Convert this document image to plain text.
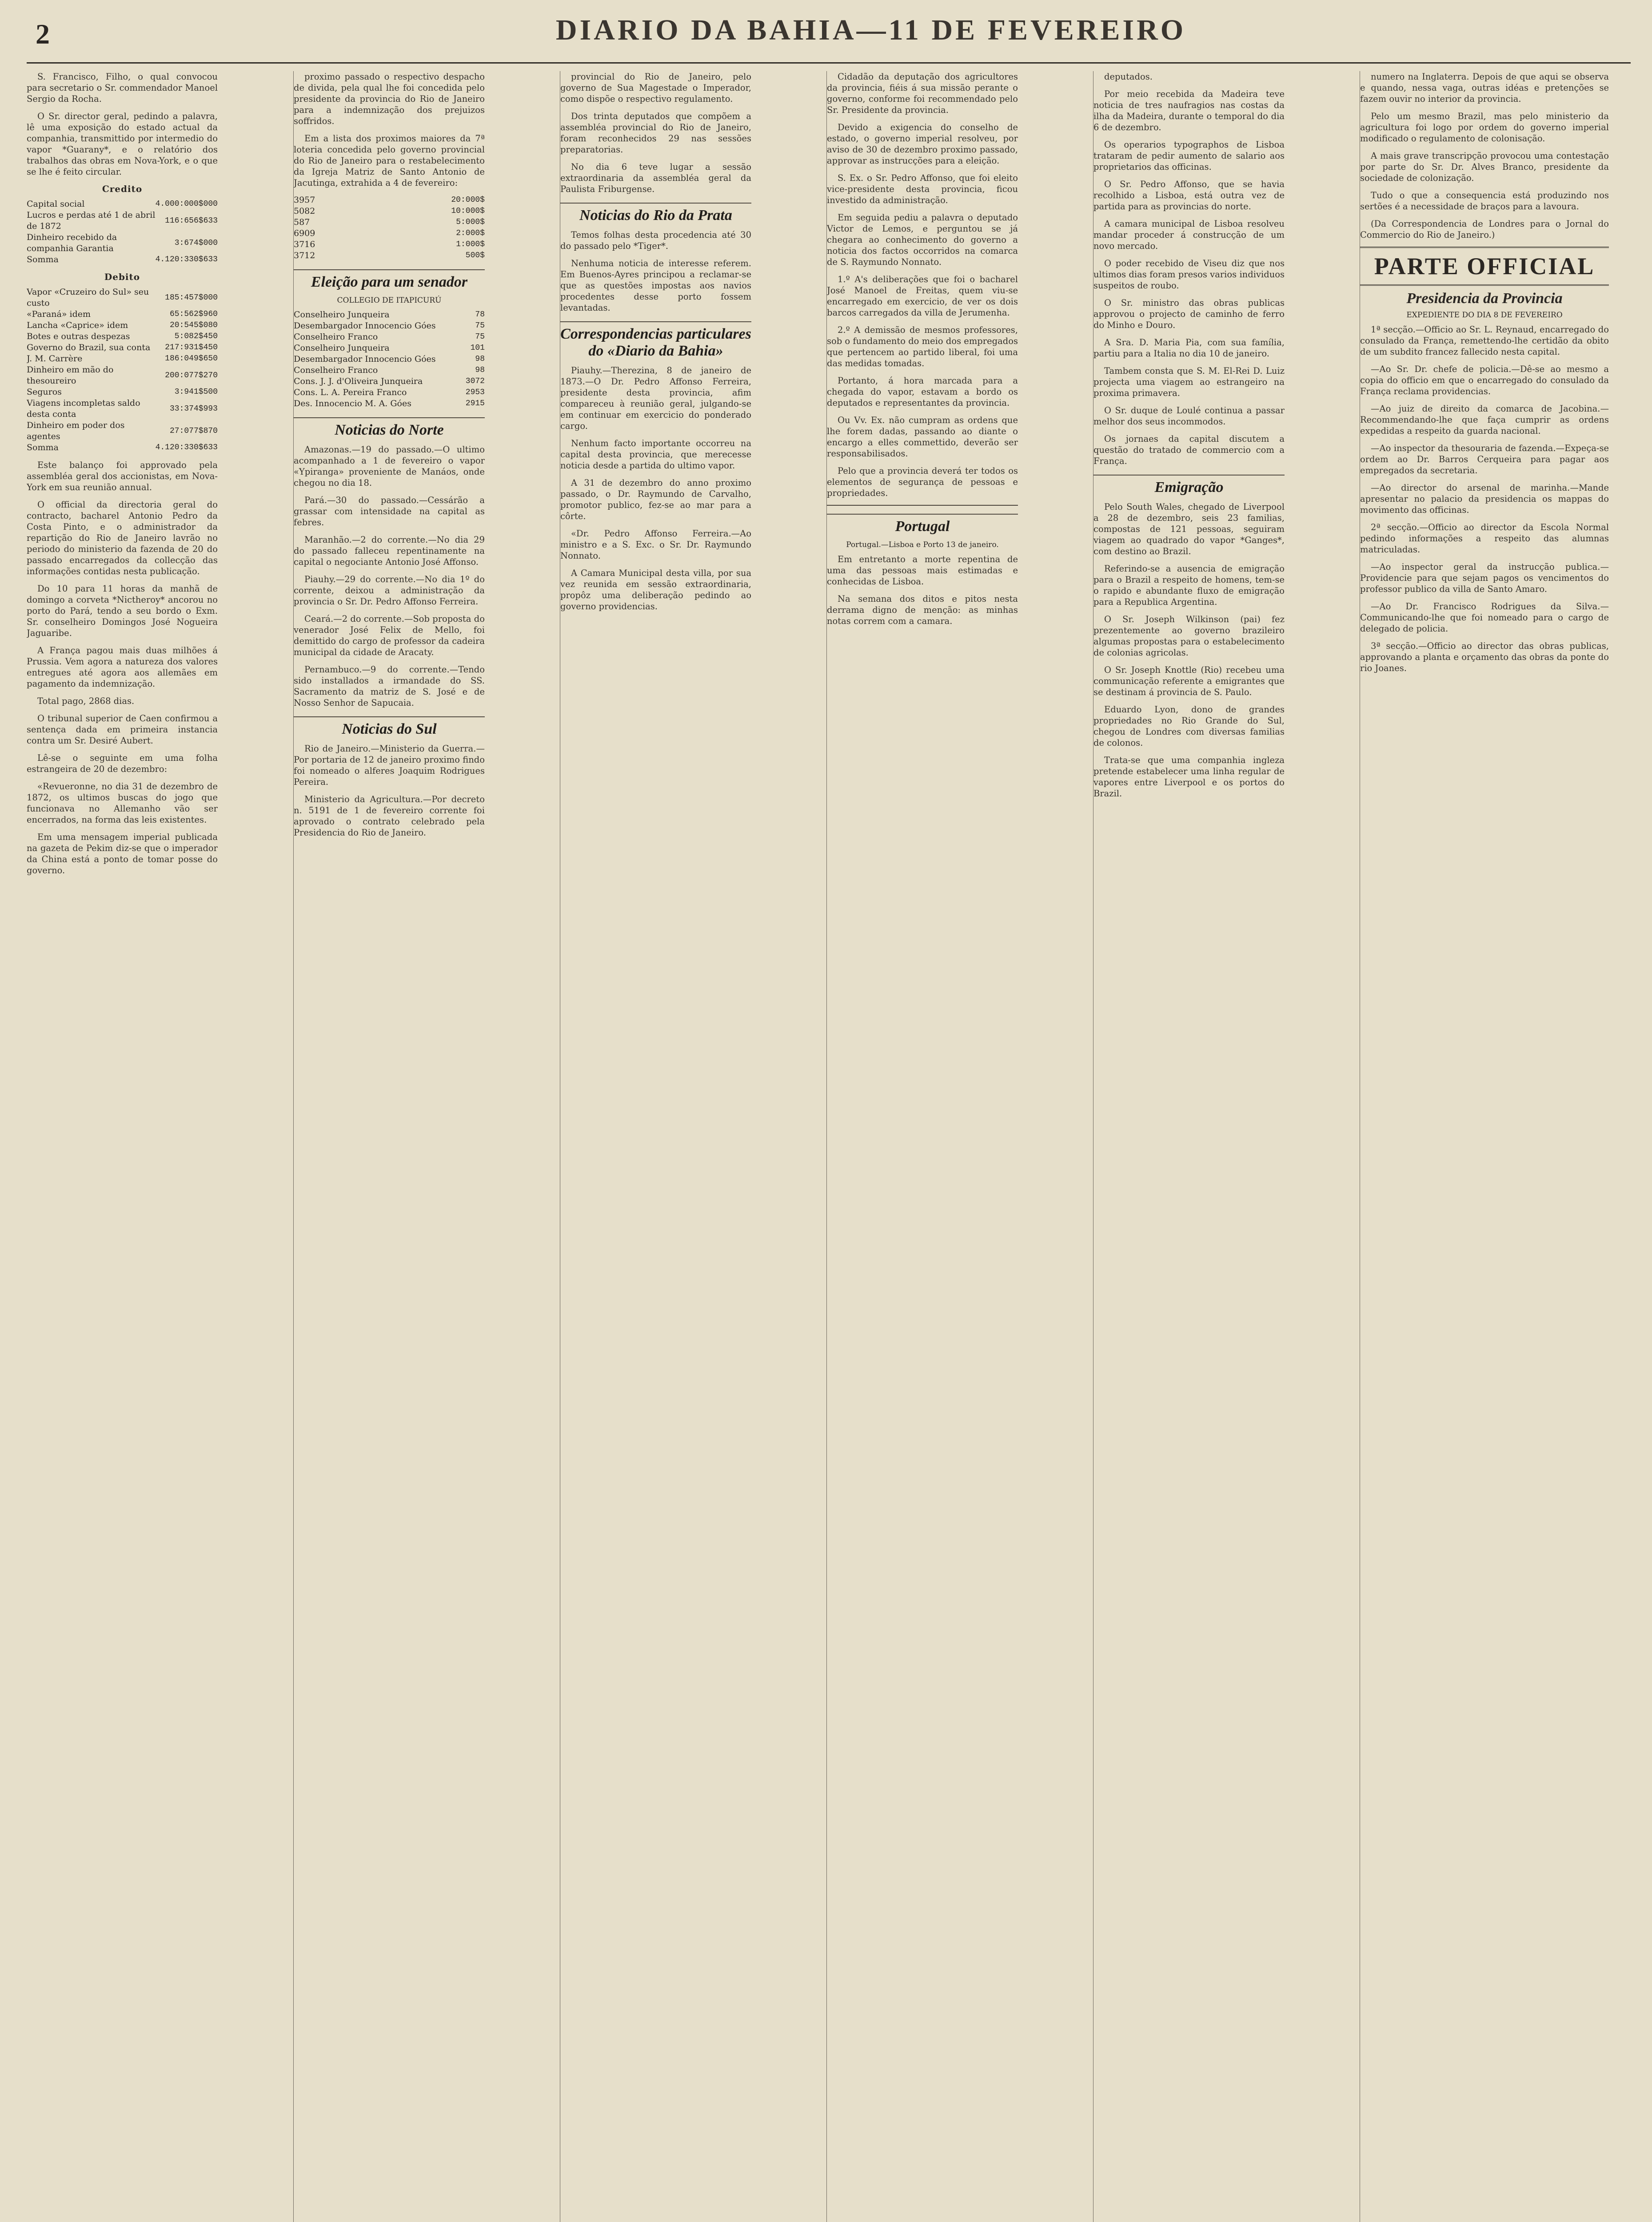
2	DIARIO DA BAHIA—11 DE FEVEREIRO

S. Francisco, Filho, o qual convocou para secretario o Sr. commendador Manoel Sergio da Rocha.

O Sr. director geral, pedindo a palavra, lê uma exposição do estado actual da companhia, transmittido por intermedio do vapor *Guarany*, e o relatório dos trabalhos das obras em Nova-York, e o que se lhe é feito circular.

Credito
Capital social	4.000:000$000
Lucros e perdas até 1 de abril de 1872	116:656$633
Dinheiro recebido da companhia Garantia	3:674$000
Somma	4.120:330$633
Debito
Vapor «Cruzeiro do Sul» seu custo	185:457$000
«Paraná» idem	65:562$960
Lancha «Caprice» idem	20:545$080
Botes e outras despezas	5:082$450
Governo do Brazil, sua conta	217:931$450
J. M. Carrère	186:049$650
Dinheiro em mão do thesoureiro	200:077$270
Seguros	3:941$500
Viagens incompletas saldo desta conta	33:374$993
Dinheiro em poder dos agentes	27:077$870
Somma	4.120:330$633

Este balanço foi approvado pela assembléa geral dos accionistas, em Nova-York em sua reunião annual.

O official da directoria geral do contracto, bacharel Antonio Pedro da Costa Pinto, e o administrador da repartição do Rio de Janeiro lavrão no periodo do ministerio da fazenda de 20 do passado encarregados da collecção das informações contidas nesta publicação.

Do 10 para 11 horas da manhã de domingo a corveta *Nictheroy* ancorou no porto do Pará, tendo a seu bordo o Exm. Sr. conselheiro Domingos José Nogueira Jaguaribe.

A França pagou mais duas milhões á Prussia. Vem agora a natureza dos valores entregues até agora aos allemães em pagamento da indemnização.

Total pago, 2868 dias.

O tribunal superior de Caen confirmou a sentença dada em primeira instancia contra um Sr. Desiré Aubert.

Lê-se o seguinte em uma folha estrangeira de 20 de dezembro:

«Revueronne, no dia 31 de dezembro de 1872, os ultimos buscas do jogo que funcionava no Allemanho vão ser encerrados, na forma das leis existentes.

Em uma mensagem imperial publicada na gazeta de Pekim diz-se que o imperador da China está a ponto de tomar posse do governo.

proximo passado o respectivo despacho de divida, pela qual lhe foi concedida pelo presidente da provincia do Rio de Janeiro para a indemnização dos prejuizos soffridos.

Em a lista dos proximos maiores da 7ª loteria concedida pelo governo provincial do Rio de Janeiro para o restabelecimento da Igreja Matriz de Santo Antonio de Jacutinga, extrahida a 4 de fevereiro:

3957	20:000$
5082	10:000$
587	5:000$
6909	2:000$
3716	1:000$
3712	500$
Eleição para um senador
COLLEGIO DE ITAPICURÚ
Conselheiro Junqueira	78
Desembargador Innocencio Góes	75
Conselheiro Franco	75
Conselheiro Junqueira	101
Desembargador Innocencio Góes	98
Conselheiro Franco	98
Cons. J. J. d'Oliveira Junqueira	3072
Cons. L. A. Pereira Franco	2953
Des. Innocencio M. A. Góes	2915
Noticias do Norte

Amazonas.—19 do passado.—O ultimo acompanhado a 1 de fevereiro o vapor «Ypiranga» proveniente de Manáos, onde chegou no dia 18.

Pará.—30 do passado.—Cessárão a grassar com intensidade na capital as febres.

Maranhão.—2 do corrente.—No dia 29 do passado falleceu repentinamente na capital o negociante Antonio José Affonso.

Piauhy.—29 do corrente.—No dia 1º do corrente, deixou a administração da provincia o Sr. Dr. Pedro Affonso Ferreira.

Ceará.—2 do corrente.—Sob proposta do venerador José Felix de Mello, foi demittido do cargo de professor da cadeira municipal da cidade de Aracaty.

Pernambuco.—9 do corrente.—Tendo sido installados a irmandade do SS. Sacramento da matriz de S. José e de Nosso Senhor de Sapucaia.

Noticias do Sul

Rio de Janeiro.—Ministerio da Guerra.—Por portaria de 12 de janeiro proximo findo foi nomeado o alferes Joaquim Rodrigues Pereira.

Ministerio da Agricultura.—Por decreto n. 5191 de 1 de fevereiro corrente foi aprovado o contrato celebrado pela Presidencia do Rio de Janeiro.

provincial do Rio de Janeiro, pelo governo de Sua Magestade o Imperador, como dispõe o respectivo regulamento.

Dos trinta deputados que compõem a assembléa provincial do Rio de Janeiro, foram reconhecidos 29 nas sessões preparatorias.

No dia 6 teve lugar a sessão extraordinaria da assembléa geral da Paulista Friburgense.

Noticias do Rio da Prata

Temos folhas desta procedencia até 30 do passado pelo *Tiger*.

Nenhuma noticia de interesse referem. Em Buenos-Ayres principou a reclamar-se que as questões impostas aos navios procedentes desse porto fossem levantadas.

Correspondencias particulares do «Diario da Bahia»

Piauhy.—Therezina, 8 de janeiro de 1873.—O Dr. Pedro Affonso Ferreira, presidente desta provincia, afim compareceu à reunião geral, julgando-se em continuar em exercicio do ponderado cargo.

Nenhum facto importante occorreu na capital desta provincia, que merecesse noticia desde a partida do ultimo vapor.

A 31 de dezembro do anno proximo passado, o Dr. Raymundo de Carvalho, promotor publico, fez-se ao mar para a côrte.

«Dr. Pedro Affonso Ferreira.—Ao ministro e a S. Exc. o Sr. Dr. Raymundo Nonnato.

A Camara Municipal desta villa, por sua vez reunida em sessão extraordinaria, propôz uma deliberação pedindo ao governo providencias.

Cidadão da deputação dos agricultores da provincia, fiéis á sua missão perante o governo, conforme foi recommendado pelo Sr. Presidente da provincia.

Devido a exigencia do conselho de estado, o governo imperial resolveu, por aviso de 30 de dezembro proximo passado, approvar as instrucções para a eleição.

S. Ex. o Sr. Pedro Affonso, que foi eleito vice-presidente desta provincia, ficou investido da administração.

Em seguida pediu a palavra o deputado Victor de Lemos, e perguntou se já chegara ao conhecimento do governo a noticia dos factos occorridos na comarca de S. Raymundo Nonnato.

1.º A's deliberações que foi o bacharel José Manoel de Freitas, quem viu-se encarregado em exercicio, de ver os dois barcos carregados da villa de Jerumenha.

2.º A demissão de mesmos professores, sob o fundamento do meio dos empregados que pertencem ao partido liberal, foi uma das medidas tomadas.

Portanto, á hora marcada para a chegada do vapor, estavam a bordo os deputados e representantes da provincia.

Ou Vv. Ex. não cumpram as ordens que lhe forem dadas, passando ao diante o encargo a elles commettido, deverão ser responsabilisados.

Pelo que a provincia deverá ter todos os elementos de segurança de pessoas e propriedades.

Portugal
Portugal.—Lisboa e Porto 13 de janeiro.

Em entretanto a morte repentina de uma das pessoas mais estimadas e conhecidas de Lisboa.

Na semana dos ditos e pitos nesta derrama digno de menção: as minhas notas correm com a camara.

deputados.

Por meio recebida da Madeira teve noticia de tres naufragios nas costas da ilha da Madeira, durante o temporal do dia 6 de dezembro.

Os operarios typographos de Lisboa trataram de pedir aumento de salario aos proprietarios das officinas.

O Sr. Pedro Affonso, que se havia recolhido a Lisboa, está outra vez de partida para as provincias do norte.

A camara municipal de Lisboa resolveu mandar proceder á construcção de um novo mercado.

O poder recebido de Viseu diz que nos ultimos dias foram presos varios individuos suspeitos de roubo.

O Sr. ministro das obras publicas approvou o projecto de caminho de ferro do Minho e Douro.

A Sra. D. Maria Pia, com sua família, partiu para a Italia no dia 10 de janeiro.

Tambem consta que S. M. El-Rei D. Luiz projecta uma viagem ao estrangeiro na proxima primavera.

O Sr. duque de Loulé continua a passar melhor dos seus incommodos.

Os jornaes da capital discutem a questão do tratado de commercio com a França.

Emigração

Pelo South Wales, chegado de Liverpool a 28 de dezembro, seis 23 familias, compostas de 121 pessoas, seguiram viagem ao quadrado do vapor *Ganges*, com destino ao Brazil.

Referindo-se a ausencia de emigração para o Brazil a respeito de homens, tem-se o rapido e abundante fluxo de emigração para a Republica Argentina.

O Sr. Joseph Wilkinson (pai) fez prezentemente ao governo brazileiro algumas propostas para o estabelecimento de colonias agricolas.

O Sr. Joseph Knottle (Rio) recebeu uma communicação referente a emigrantes que se destinam á provincia de S. Paulo.

Eduardo Lyon, dono de grandes propriedades no Rio Grande do Sul, chegou de Londres com diversas familias de colonos.

Trata-se que uma companhia ingleza pretende estabelecer uma linha regular de vapores entre Liverpool e os portos do Brazil.

numero na Inglaterra. Depois de que aqui se observa e quando, nessa vaga, outras idéas e pretenções se fazem ouvir no interior da provincia.

Pelo um mesmo Brazil, mas pelo ministerio da agricultura foi logo por ordem do governo imperial modificado o regulamento de colonisação.

A mais grave transcripção provocou uma contestação por parte do Sr. Dr. Alves Branco, presidente da sociedade de colonização.

Tudo o que a consequencia está produzindo nos sertões é a necessidade de braços para a lavoura.

(Da Correspondencia de Londres para o Jornal do Commercio do Rio de Janeiro.)

PARTE OFFICIAL
Presidencia da Provincia
EXPEDIENTE DO DIA 8 DE FEVEREIRO

1ª secção.—Officio ao Sr. L. Reynaud, encarregado do consulado da França, remettendo-lhe certidão da obito de um subdito francez fallecido nesta capital.

—Ao Sr. Dr. chefe de policia.—Dê-se ao mesmo a copia do officio em que o encarregado do consulado da França reclama providencias.

—Ao juiz de direito da comarca de Jacobina.—Recommendando-lhe que faça cumprir as ordens expedidas a respeito da guarda nacional.

—Ao inspector da thesouraria de fazenda.—Expeça-se ordem ao Dr. Barros Cerqueira para pagar aos empregados da secretaria.

—Ao director do arsenal de marinha.—Mande apresentar no palacio da presidencia os mappas do movimento das officinas.

2ª secção.—Officio ao director da Escola Normal pedindo informações a respeito das alumnas matriculadas.

—Ao inspector geral da instrucção publica.—Providencie para que sejam pagos os vencimentos do professor publico da villa de Santo Amaro.

—Ao Dr. Francisco Rodrigues da Silva.—Communicando-lhe que foi nomeado para o cargo de delegado de policia.

3ª secção.—Officio ao director das obras publicas, approvando a planta e orçamento das obras da ponte do rio Joanes.
